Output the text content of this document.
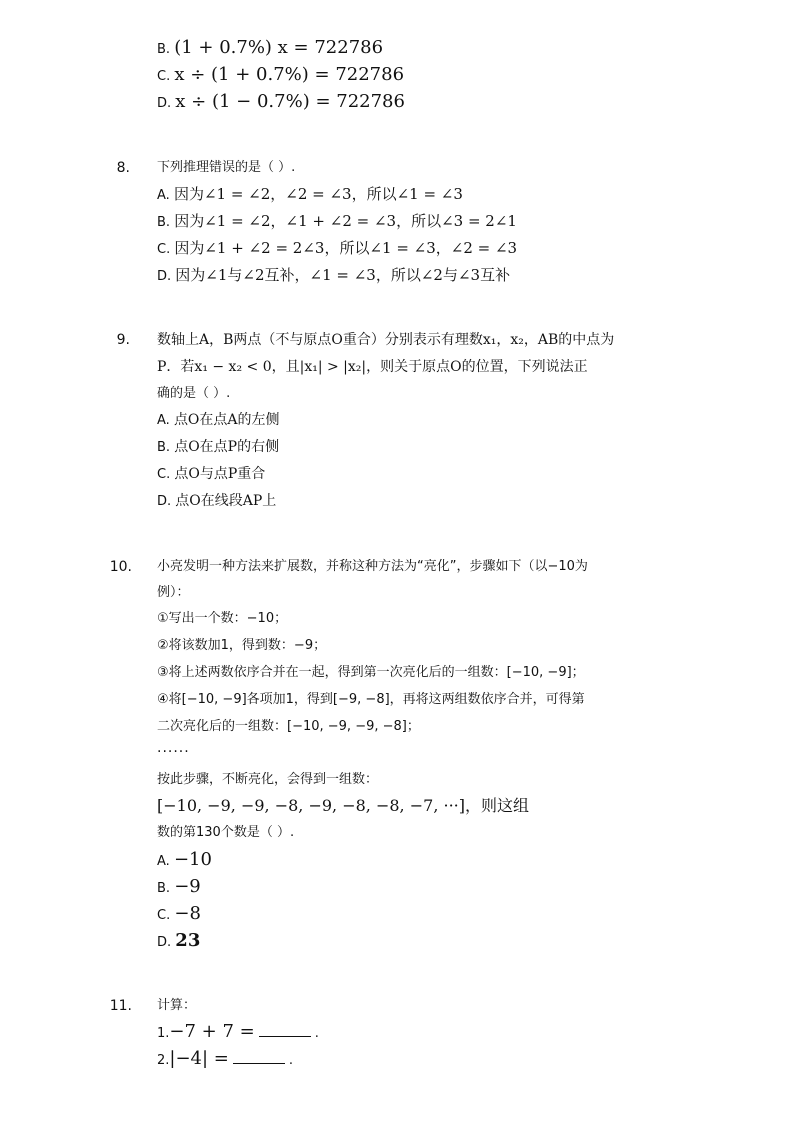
B. (1 + 0.7%) x = 722786
C. x ÷ (1 + 0.7%) = 722786
D. x ÷ (1 − 0.7%) = 722786
8. 下列推理错误的是（ ）.
A. 因为∠1 = ∠2，∠2 = ∠3，所以∠1 = ∠3
B. 因为∠1 = ∠2，∠1 + ∠2 = ∠3，所以∠3 = 2∠1
C. 因为∠1 + ∠2 = 2∠3，所以∠1 = ∠3，∠2 = ∠3
D. 因为∠1与∠2互补，∠1 = ∠3，所以∠2与∠3互补
9. 数轴上A，B两点（不与原点O重合）分别表示有理数x₁，x₂，AB的中点为
P．若x₁ − x₂ < 0，且|x₁| > |x₂|，则关于原点O的位置，下列说法正
确的是（ ）.
A. 点O在点A的左侧
B. 点O在点P的右侧
C. 点O与点P重合
D. 点O在线段AP上
10. 小亮发明一种方法来扩展数，并称这种方法为“亮化”，步骤如下（以−10为
例）：
①写出一个数：−10；
②将该数加1，得到数：−9；
③将上述两数依序合并在一起，得到第一次亮化后的一组数：[−10, −9]；
④将[−10, −9]各项加1，得到[−9, −8]，再将这两组数依序合并，可得第
二次亮化后的一组数：[−10, −9, −9, −8]；
······
按此步骤，不断亮化，会得到一组数：
[−10, −9, −9, −8, −9, −8, −8, −7, ···]，则这组
数的第130个数是（ ）.
A. −10
B. −9
C. −8
D. 23
11. 计算：
1.−7 + 7 =	.
2.|−4| =	.
